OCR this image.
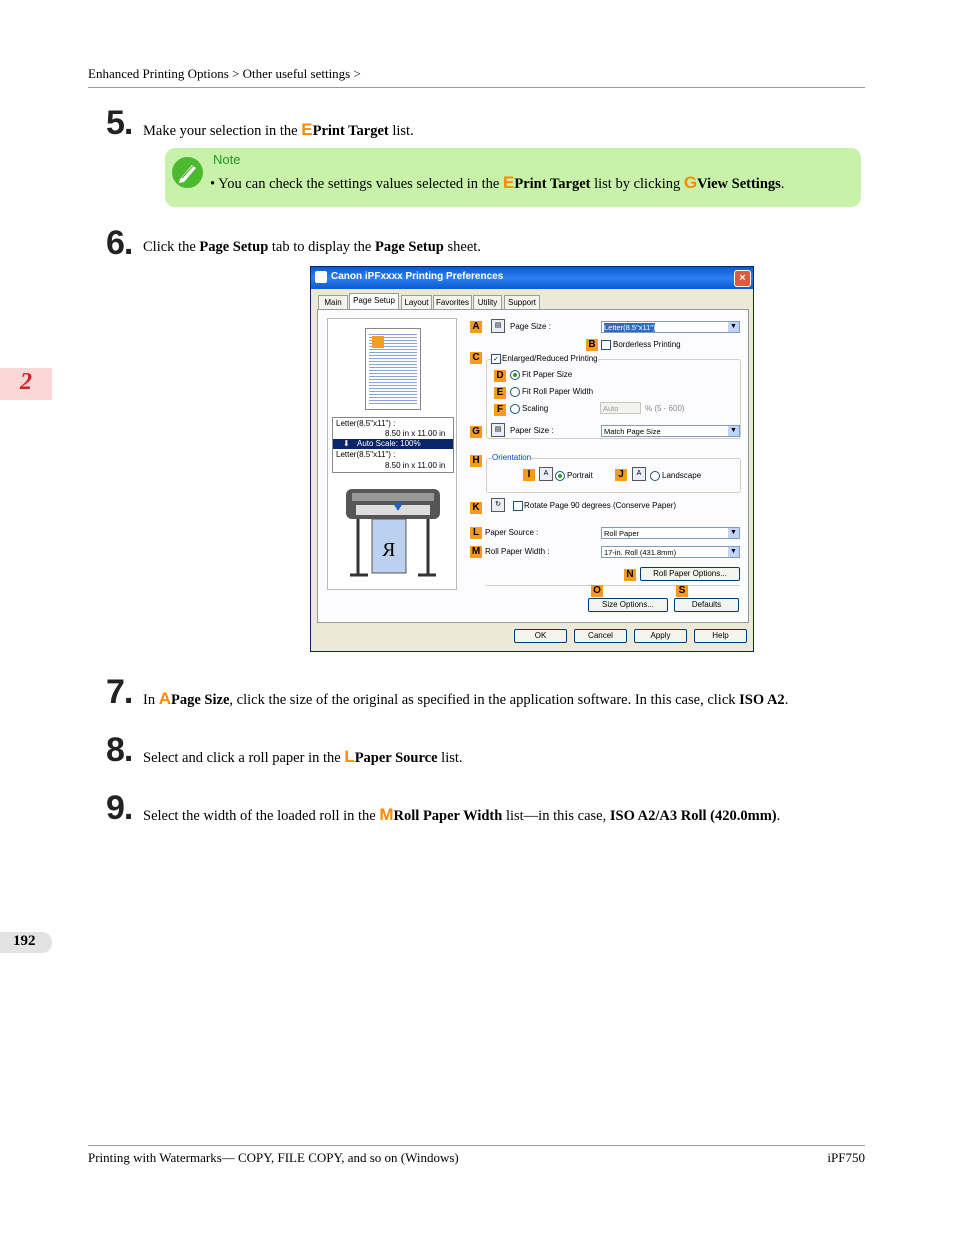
Enhanced Printing Options > Other useful settings >
2
192
5. Make your selection in the EPrint Target list.
Note
• You can check the settings values selected in the EPrint Target list by clicking GView Settings.
6. Click the Page Setup tab to display the Page Setup sheet.
Canon iPFxxxx Printing Preferences	×
Main	Page Setup	Layout Favorites	Utility	Support
Letter(8.5"x11") :
8.50 in x 11.00 in
⬇ Auto Scale: 100%
Letter(8.5"x11") :
8.50 in x 11.00 in
R
A	▤	Page Size :	Letter(8.5"x11")	▼
B Borderless Printing
C	✓ Enlarged/Reduced Printing
D Fit Paper Size
E	Fit Roll Paper Width
F	Scaling	Auto	% (5 - 600)
G	▤	Paper Size :	Match Page Size	▼
H Orientation
I	A	Portrait	J	A	Landscape
K	↻	Rotate Page 90 degrees (Conserve Paper)
L Paper Source :	Roll Paper	▼
M Roll Paper Width :	17-in. Roll (431.8mm)	▼
N	Roll Paper Options...
O	S
Size Options...	Defaults
OK	Cancel	Apply	Help
7. In APage Size, click the size of the original as specified in the application software. In this case, click ISO A2.
8. Select and click a roll paper in the LPaper Source list.
9. Select the width of the loaded roll in the MRoll Paper Width list—in this case, ISO A2/A3 Roll (420.0mm).
Printing with Watermarks— COPY, FILE COPY, and so on (Windows)	iPF750
